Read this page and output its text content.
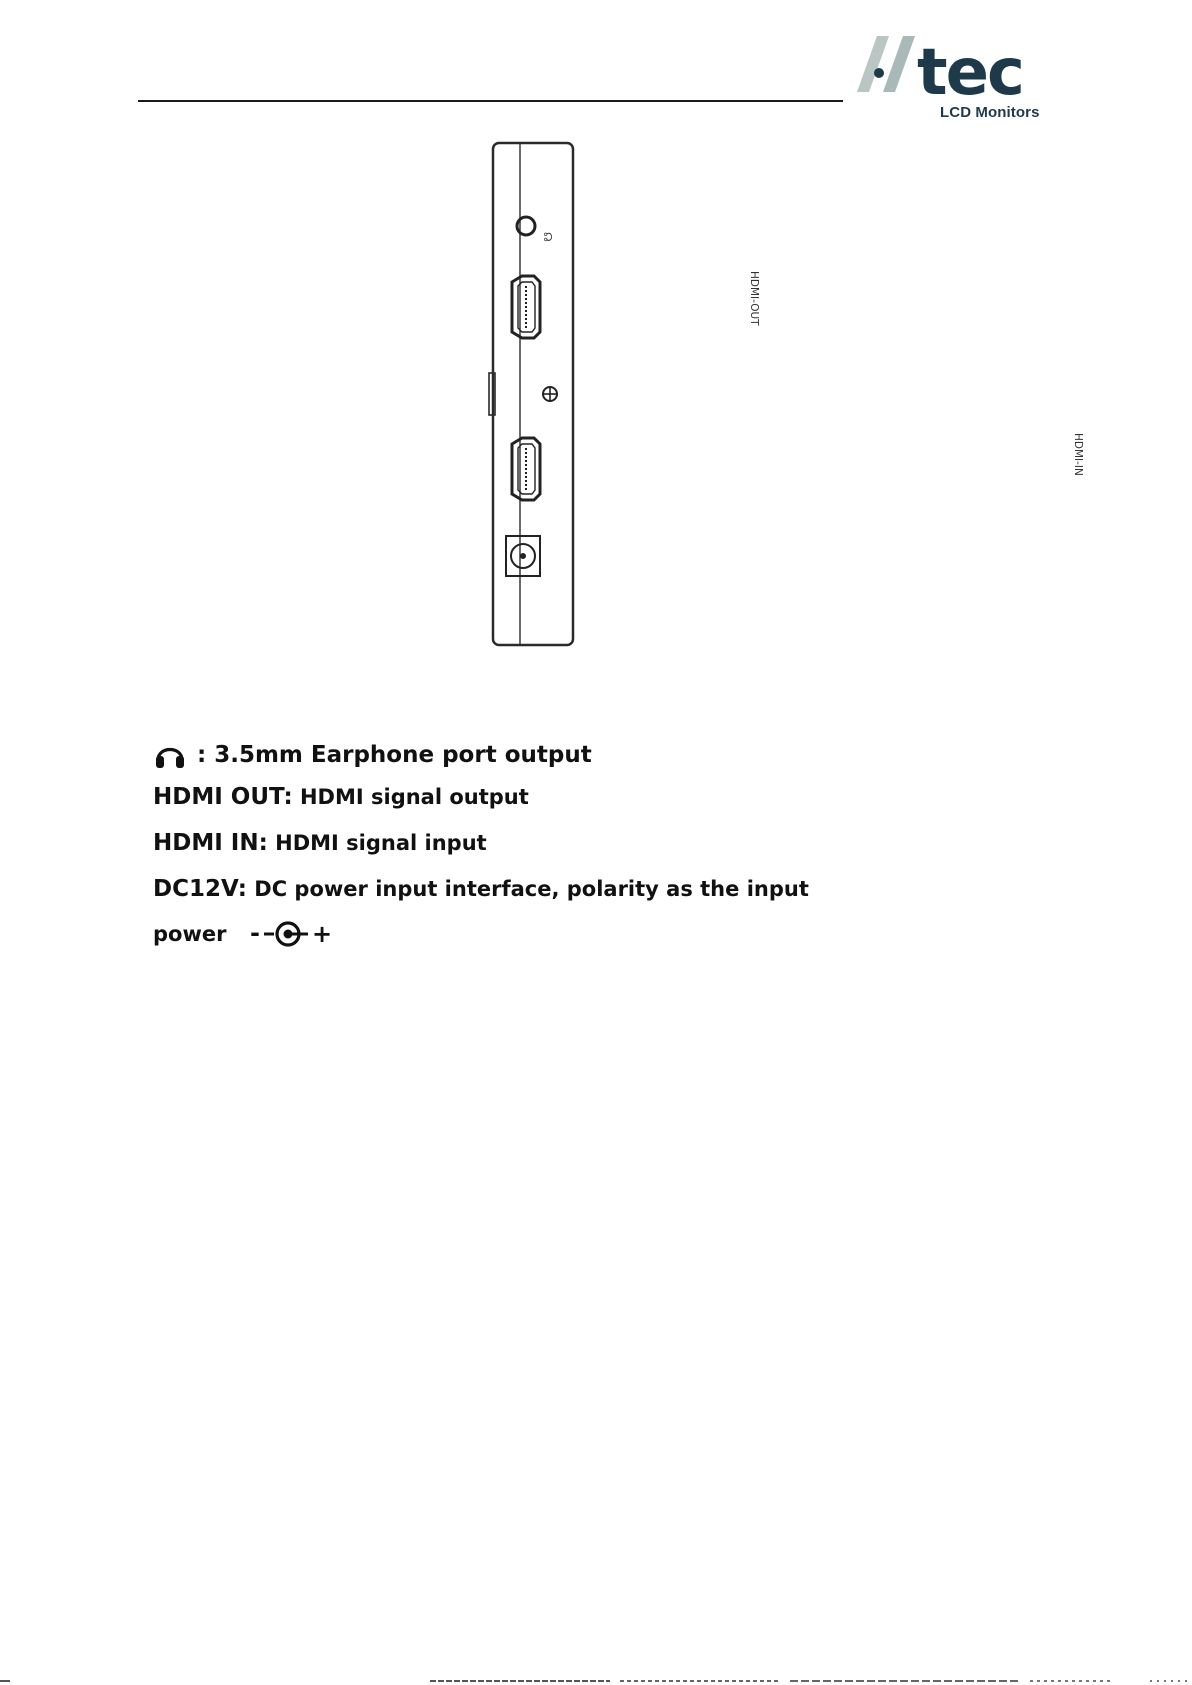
tec
LCD Monitors
☊
HDMI-OUT
HDMI-IN
: 3.5mm Earphone port output
HDMI OUT: HDMI signal output
HDMI IN: HDMI signal input
DC12V: DC power input interface, polarity as the input
power - +
